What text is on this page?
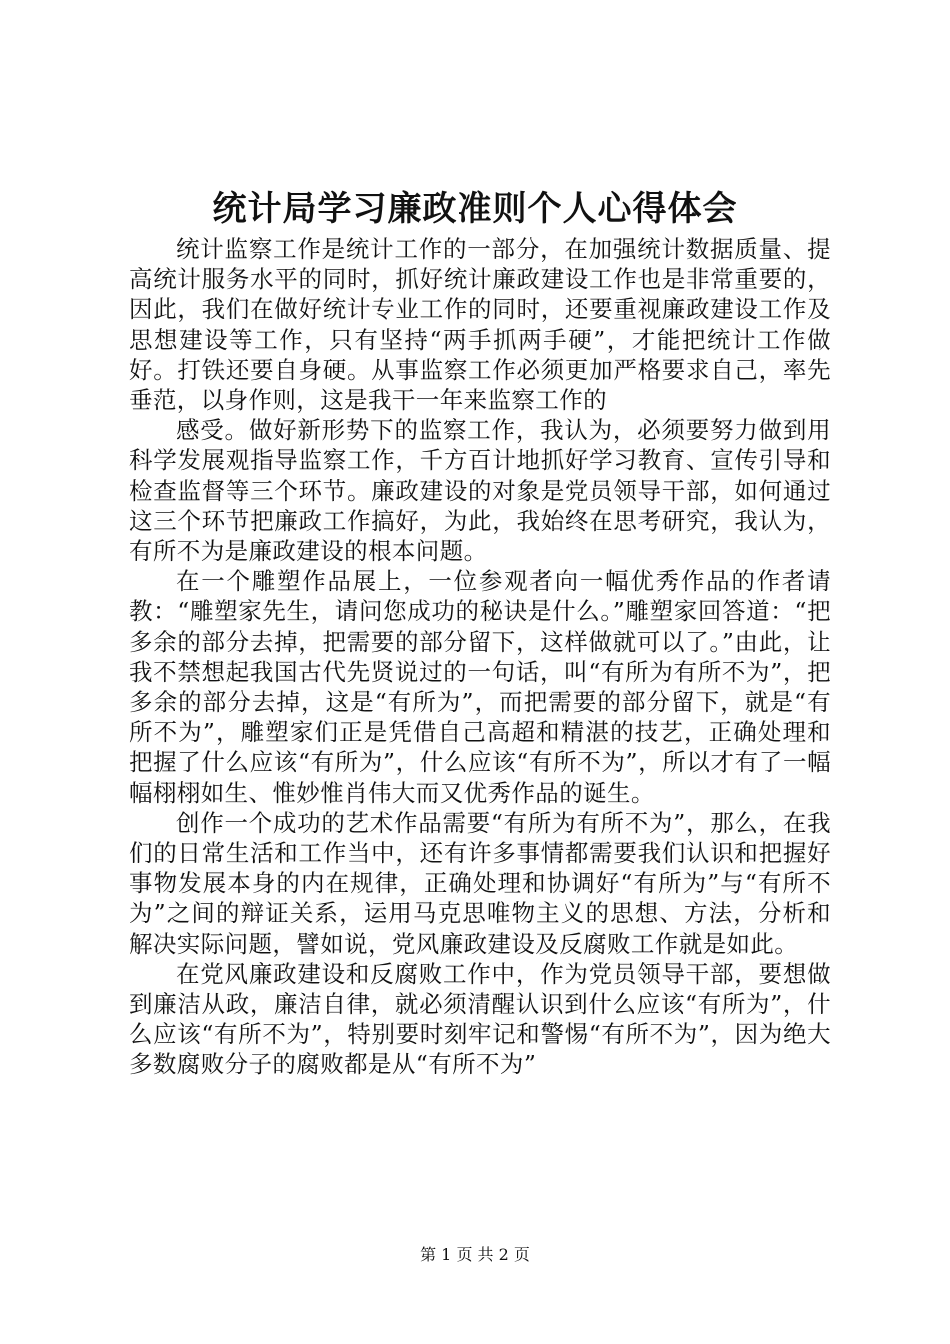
统计局学习廉政准则个人心得体会

统计监察工作是统计工作的一部分，在加强统计数据质量、提高统计服务水平的同时，抓好统计廉政建设工作也是非常重要的，因此，我们在做好统计专业工作的同时，还要重视廉政建设工作及思想建设等工作，只有坚持“两手抓两手硬”，才能把统计工作做好。打铁还要自身硬。从事监察工作必须更加严格要求自己，率先垂范，以身作则，这是我干一年来监察工作的

感受。做好新形势下的监察工作，我认为，必须要努力做到用科学发展观指导监察工作，千方百计地抓好学习教育、宣传引导和检查监督等三个环节。廉政建设的对象是党员领导干部，如何通过这三个环节把廉政工作搞好，为此，我始终在思考研究，我认为，有所不为是廉政建设的根本问题。

在一个雕塑作品展上，一位参观者向一幅优秀作品的作者请教：“雕塑家先生，请问您成功的秘诀是什么。”雕塑家回答道：“把多余的部分去掉，把需要的部分留下，这样做就可以了。”由此，让我不禁想起我国古代先贤说过的一句话，叫“有所为有所不为”，把多余的部分去掉，这是“有所为”，而把需要的部分留下，就是“有所不为”，雕塑家们正是凭借自己高超和精湛的技艺，正确处理和把握了什么应该“有所为”，什么应该“有所不为”，所以才有了一幅幅栩栩如生、惟妙惟肖伟大而又优秀作品的诞生。

创作一个成功的艺术作品需要“有所为有所不为”，那么，在我们的日常生活和工作当中，还有许多事情都需要我们认识和把握好事物发展本身的内在规律，正确处理和协调好“有所为”与“有所不为”之间的辩证关系，运用马克思唯物主义的思想、方法，分析和解决实际问题，譬如说，党风廉政建设及反腐败工作就是如此。

在党风廉政建设和反腐败工作中，作为党员领导干部，要想做到廉洁从政，廉洁自律，就必须清醒认识到什么应该“有所为”，什么应该“有所不为”，特别要时刻牢记和警惕“有所不为”，因为绝大多数腐败分子的腐败都是从“有所不为”

第 1 页 共 2 页
